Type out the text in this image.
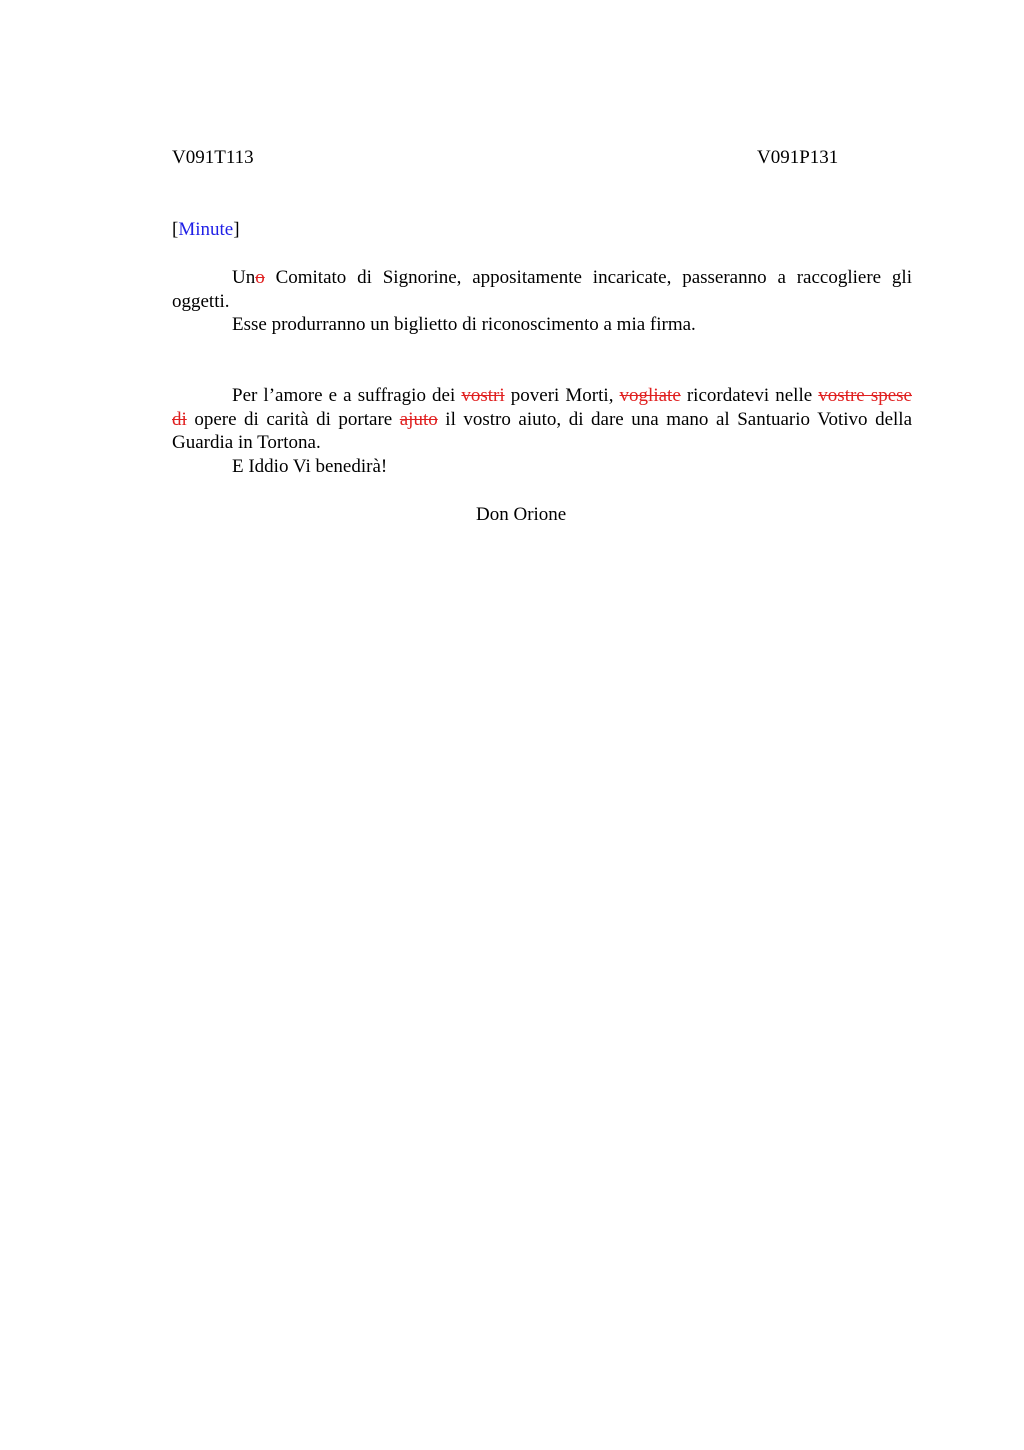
V091T113	V091P131
[Minute]

Uno Comitato di Signorine, appositamente incaricate, passeranno a raccogliere gli oggetti.

Esse produrranno un biglietto di riconoscimento a mia firma.

Per l’amore e a suffragio dei vostri poveri Morti, vogliate ricordatevi nelle vostre spese di opere di carità di portare ajuto il vostro aiuto, di dare una mano al Santuario Votivo della Guardia in Tortona.

E Iddio Vi benedirà!

Don Orione
